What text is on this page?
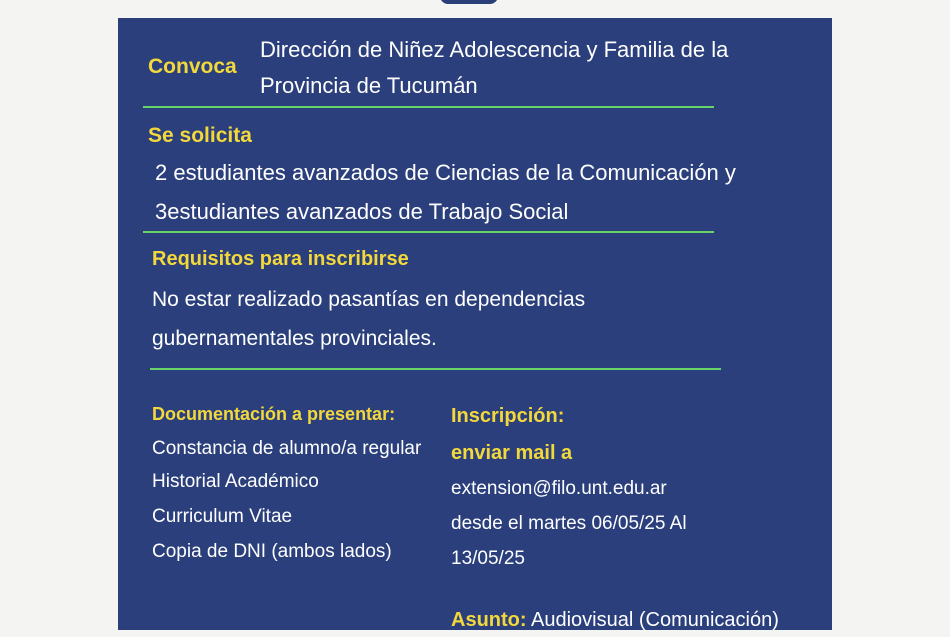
Convoca
Dirección de Niñez Adolescencia y Familia de la
Provincia de Tucumán
Se solicita
2 estudiantes avanzados de Ciencias de la Comunicación y
3estudiantes avanzados de Trabajo Social
Requisitos para inscribirse
No estar realizado pasantías en dependencias
gubernamentales provinciales.
Documentación a presentar:
Constancia de alumno/a regular
Historial Académico
Curriculum Vitae
Copia de DNI (ambos lados)
Inscripción:
enviar mail a
extension@filo.unt.edu.ar
desde el martes 06/05/25 Al
13/05/25
Asunto: Audiovisual (Comunicación)
